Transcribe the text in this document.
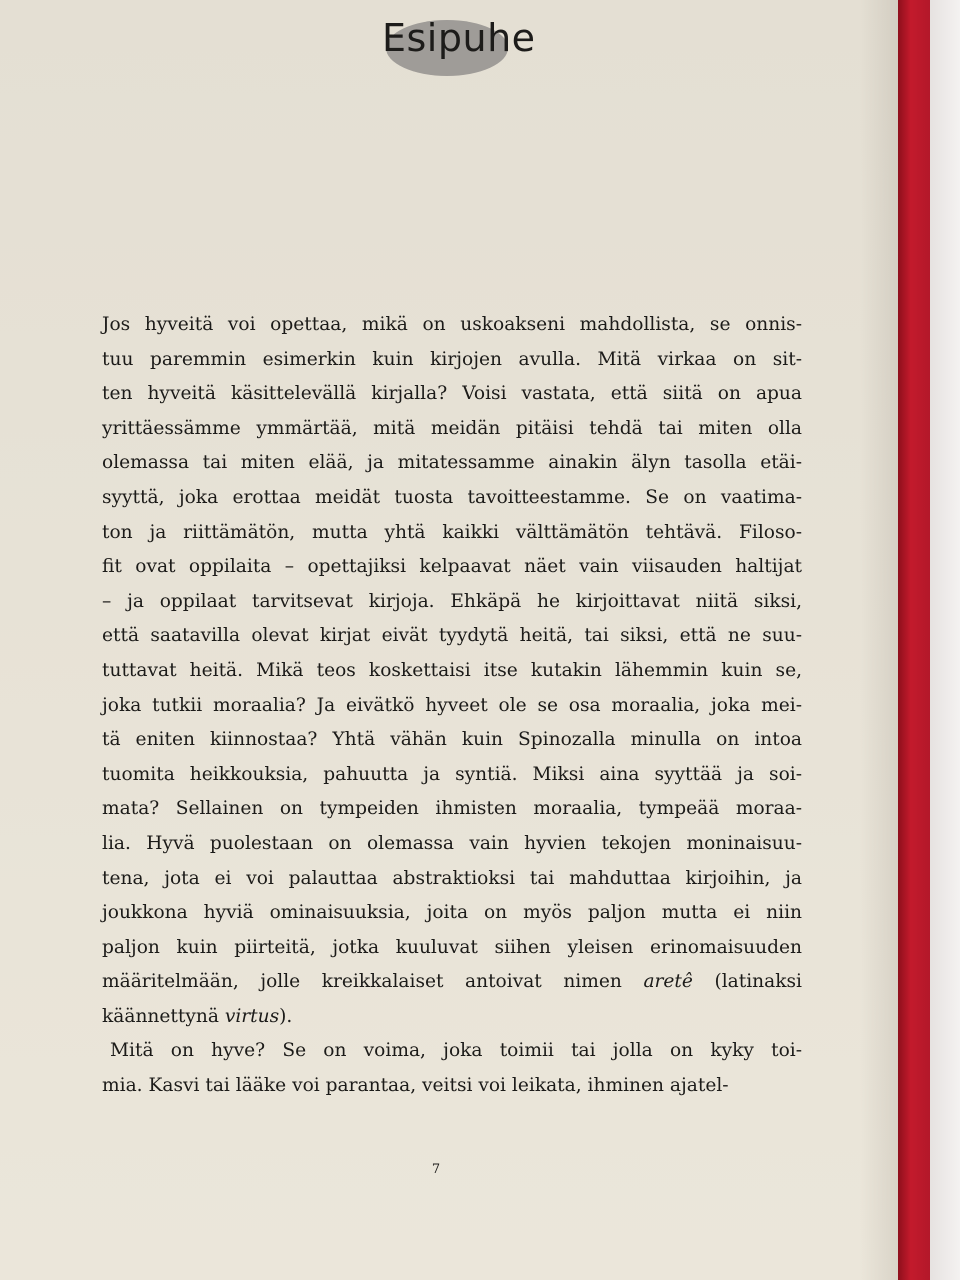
Esipuhe
Jos hyveitä voi opettaa, mikä on uskoakseni mahdollista, se onnis-
tuu paremmin esimerkin kuin kirjojen avulla. Mitä virkaa on sit-
ten hyveitä käsittelevällä kirjalla? Voisi vastata, että siitä on apua
yrittäessämme ymmärtää, mitä meidän pitäisi tehdä tai miten olla
olemassa tai miten elää, ja mitatessamme ainakin älyn tasolla etäi-
syyttä, joka erottaa meidät tuosta tavoitteestamme. Se on vaatima-
ton ja riittämätön, mutta yhtä kaikki välttämätön tehtävä. Filoso-
fit ovat oppilaita – opettajiksi kelpaavat näet vain viisauden haltijat
– ja oppilaat tarvitsevat kirjoja. Ehkäpä he kirjoittavat niitä siksi,
että saatavilla olevat kirjat eivät tyydytä heitä, tai siksi, että ne suu-
tuttavat heitä. Mikä teos koskettaisi itse kutakin lähemmin kuin se,
joka tutkii moraalia? Ja eivätkö hyveet ole se osa moraalia, joka mei-
tä eniten kiinnostaa? Yhtä vähän kuin Spinozalla minulla on intoa
tuomita heikkouksia, pahuutta ja syntiä. Miksi aina syyttää ja soi-
mata? Sellainen on tympeiden ihmisten moraalia, tympeää moraa-
lia. Hyvä puolestaan on olemassa vain hyvien tekojen moninaisuu-
tena, jota ei voi palauttaa abstraktioksi tai mahduttaa kirjoihin, ja
joukkona hyviä ominaisuuksia, joita on myös paljon mutta ei niin
paljon kuin piirteitä, jotka kuuluvat siihen yleisen erinomaisuuden
määritelmään, jolle kreikkalaiset antoivat nimen aretê (latinaksi
käännettynä virtus).
Mitä on hyve? Se on voima, joka toimii tai jolla on kyky toi-
mia. Kasvi tai lääke voi parantaa, veitsi voi leikata, ihminen ajatel-
7
